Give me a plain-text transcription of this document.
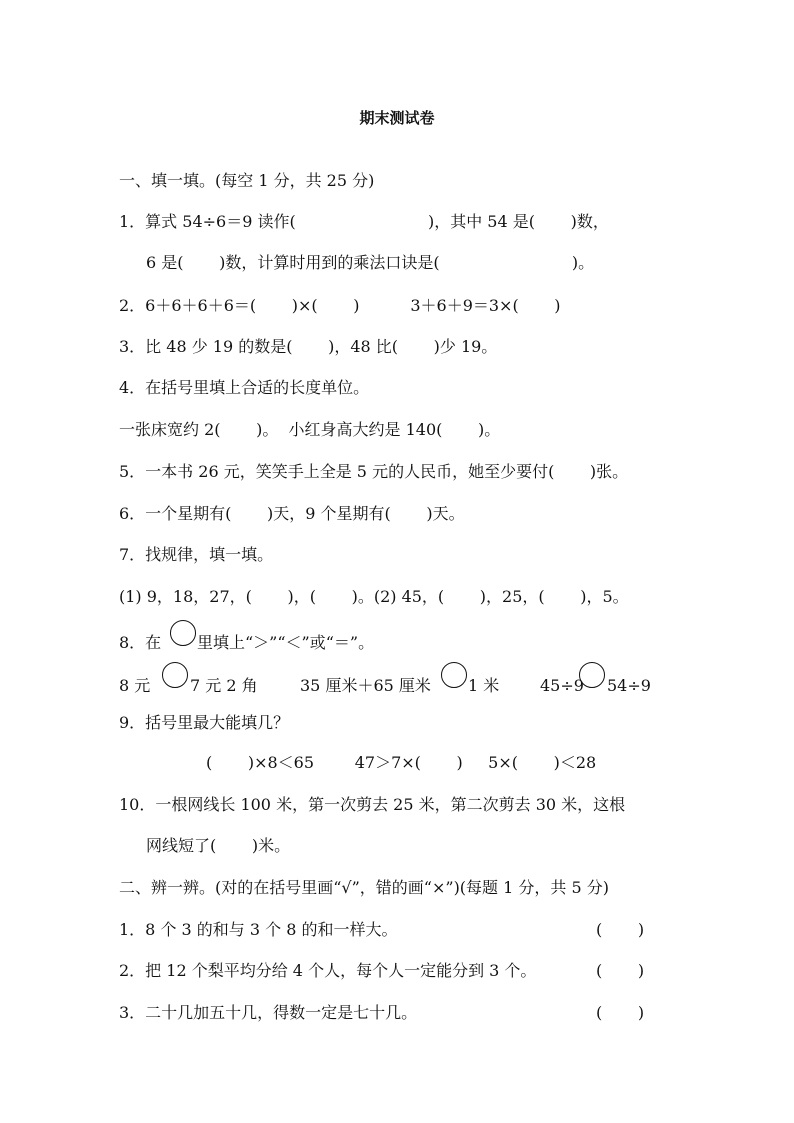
期末测试卷
一、填一填。(每空 1 分，共 25 分)
1．算式 54÷6＝9 读作(                          )，其中 54 是(       )数，
6 是(       )数，计算时用到的乘法口诀是(                          )。
2．6＋6＋6＋6＝(       )×(       )          3＋6＋9＝3×(       )
3．比 48 少 19 的数是(       )，48 比(       )少 19。
4．在括号里填上合适的长度单位。
一张床宽约 2(       )。  小红身高大约是 140(       )。
5．一本书 26 元，笑笑手上全是 5 元的人民币，她至少要付(       )张。
6．一个星期有(       )天，9 个星期有(       )天。
7．找规律，填一填。
(1) 9，18，27，(       )，(       )。(2) 45，(       )，25，(       )，5。
8．在 里填上“＞”“＜”或“＝”。
8 元 7 元 2 角	35 厘米＋65 厘米 1 米	45÷9 54÷9
9．括号里最大能填几？
(       )×8＜65        47＞7×(       )     5×(       )＜28
10．一根网线长 100 米，第一次剪去 25 米，第二次剪去 30 米，这根
网线短了(       )米。
二、辨一辨。(对的在括号里画“√”，错的画“×”)(每题 1 分，共 5 分)
1．8 个 3 的和与 3 个 8 的和一样大。	(       )
2．把 12 个梨平均分给 4 个人，每个人一定能分到 3 个。	(       )
3．二十几加五十几，得数一定是七十几。	(       )
